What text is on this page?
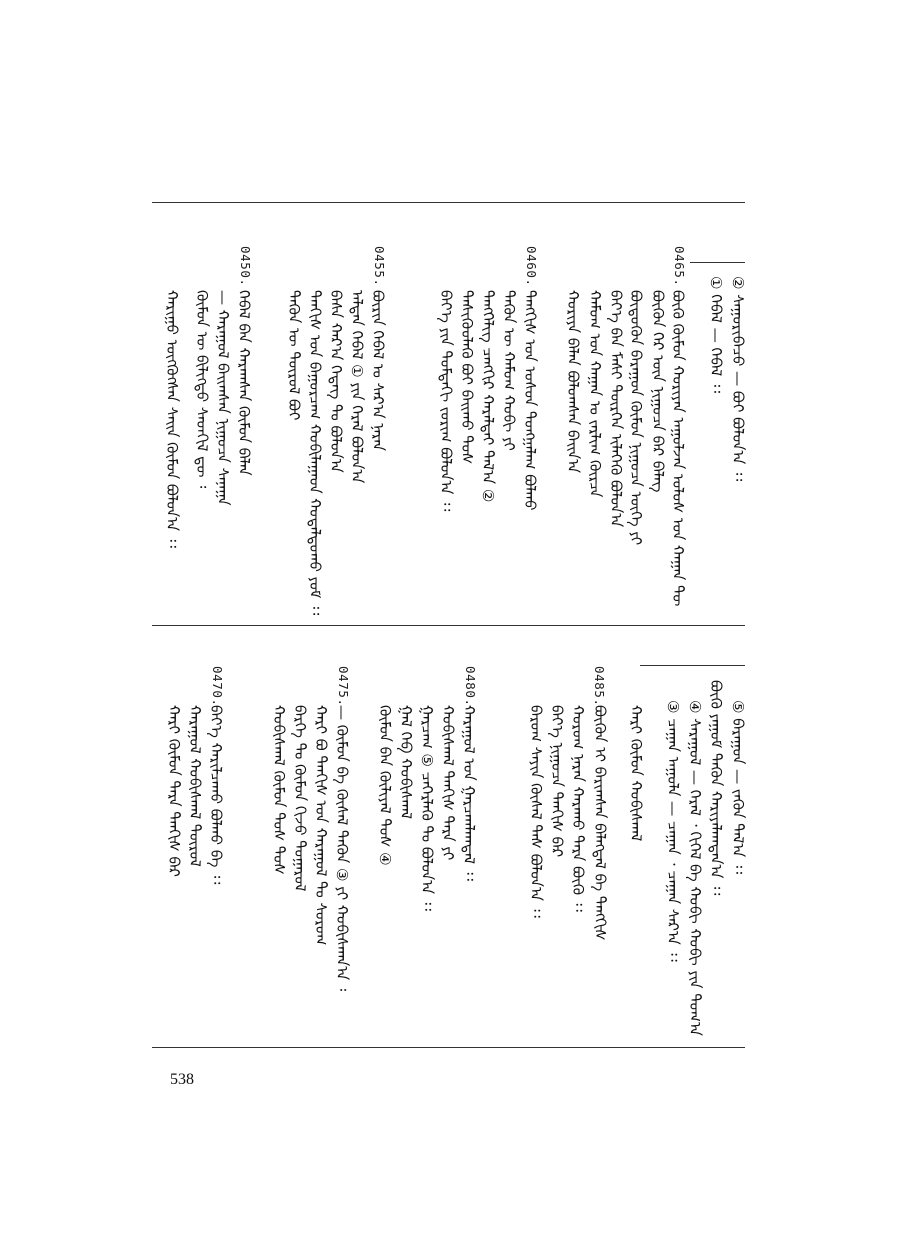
② ᠰᠠᠭᠤᠷᠢᠪᠠᠴᠤ — ᠪᠤᠢ ᠪᠤᠯᠤᠨ᠎ᠠ ᠄᠄
① ᠬᠡᠪᠡᠯ — ᠬᠡᠪᠡᠯ ᠄᠄
0465.
ᠪᠦᠬᠦ ᠬᠦᠮᠦᠨ ᠬᠤᠷᠢᠶᠠᠨ ᠠᠭᠤᠯᠵᠠᠨ ᠤᠯᠤᠰ ᠤᠨ ᠬᠠᠭᠠᠨ ᠲᠦ
ᠪᠦᠬᠦᠨ ᠭᠡᠷ ᠦᠨ ᠨᠢᠭᠤᠴᠠ ᠪᠠᠷ ᠪᠡᠯᠡᠭ
ᠪᠦᠳᠦᠭᠦᠨ ᠪᠠᠷᠠᠭᠤᠨ ᠬᠦᠮᠦᠨ ᠨᠢᠭᠤᠴᠠ ᠦᠭᠡ ᠶᠢ
ᠪᠡᠶ᠎ᠡ ᠪᠡᠨ ᠮᠠᠰᠢ ᠲᠦᠷᠭᠡᠨ ᠢᠯᠡᠬᠡᠬᠦ ᠪᠤᠯᠤᠨ᠎ᠠ
ᠬᠠᠮᠤᠭ ᠤᠨ ᠬᠠᠭᠠᠨ ᠤ ᠵᠠᠷᠯᠢᠭ ᠬᠦᠷᠴᠡ
ᠬᠤᠷᠢᠶᠠ ᠪᠡᠯᠡᠨ ᠪᠤᠯᠤᠭᠰᠠᠨ ᠪᠠᠢᠨ᠎ᠠ
0460.
ᠲᠡᠩᠭᠢᠰ ᠤᠨ ᠤᠰᠤᠨ ᠲᠤᠩᠭᠠᠯᠠᠭ ᠪᠤᠯᠬᠤ
ᠲᠡᠭᠦᠨ ᠦ ᠬᠠᠮᠤᠭ ᠬᠤᠪᠢ ᠶᠢ
ᠲᠡᠩᠭᠡᠯᠢᠭ ᠴᠡᠩᠬᠢᠷ ᠬᠠᠷᠠᠯᠲᠠᠢ ᠲᠠᠯ᠎ᠠ ②
ᠲᠡᠰᠢᠭᠦᠦᠯᠡᠬᠦ ᠪᠤᠢ ᠪᠠᠢᠬᠤ ᠲᠤᠰ
ᠪᠡᠶ᠎ᠡ ᠶᠢᠨ ᠳᠤᠮᠳᠠᠬᠢ ᠵᠤᠷᠢᠭ ᠪᠤᠯᠤᠨ᠎ᠠ ᠄᠄
0455.
ᠪᠦᠷᠢᠨ ᠬᠡᠪᠡᠯ ᠤ ᠰᠠᠷ᠎ᠠ ᠨᠠᠷᠠᠨ
ᠠᠯᠲᠠᠨ ᠬᠡᠪᠡᠯ ① ᠶᠢᠨ ᠭᠡᠷᠡᠯ ᠪᠤᠯᠤᠨ᠎ᠠ
ᠪᠠᠰᠠ ᠬᠠᠷ᠎ᠠ ᠭᠡᠳᠡᠭ ᠲᠤ ᠪᠤᠯᠤᠨ᠎ᠠ
ᠲᠡᠨᠭᠢᠰ ᠤᠨ ᠪᠠᠭᠤᠷᠴᠠᠭ ᠬᠤᠪᠢᠯᠠᠭᠠᠳ ᠬᠤᠳᠠᠯᠳᠤᠬᠤ ᠶᠤᠮ ᠄᠄
ᠲᠡᠭᠦᠨ ᠦ ᠲᠦᠷᠦᠯ ᠪᠤᠢ
0450.
ᠬᠡᠪᠡᠯ ᠪᠡᠨ ᠬᠠᠷᠠᠭᠰᠠᠨ ᠬᠦᠮᠦᠨ ᠪᠡᠯᠡᠨ
— ᠬᠠᠷᠠᠭᠤᠯ ᠪᠠᠢᠭᠰᠠᠨ ᠨᠢᠭᠤᠴᠠ ᠰᠠᠨᠠᠭᠠ
ᠬᠦᠮᠦᠨ ᠦ ᠪᠢᠯᠢᠭᠲᠦ ᠰᠡᠳᠬᠢᠯ ᠳᠦ ᠄
ᠬᠠᠷᠢᠭᠤ ᠦᠭᠭᠦᠭᠰᠡᠨ ᠰᠠᠢᠨ ᠬᠦᠮᠦᠨ ᠪᠤᠯᠤᠨ᠎ᠠ ᠄᠄
⑤ ᠪᠠᠷᠠᠭᠤᠨ — ᠵᠡᠭᠦᠨ ᠲᠠᠯ᠎ᠠ ᠄᠄
ᠪᠦᠬᠦ ᠶᠠᠭᠤᠮ ᠲᠡᠭᠦᠨ ᠬᠠᠷᠢᠶᠠᠯᠠᠭᠳᠠᠨ᠎ᠠ ᠄᠄
④ ᠰᠠᠷᠠᠭᠤᠯ — ᠭᠡᠷᠡᠯ ᠂ ᠭᠢᠭᠡᠯ ᠪᠠ ᠬᠤᠪᠢ ᠬᠤᠪᠢ ᠶᠢᠨ ᠲᠣᠭ᠎ᠠ
③ ᠴᠠᠭᠠᠨ ᠠᠭᠤᠯᠠ — ᠴᠠᠭᠠᠨ ᠂ ᠴᠠᠭᠠᠨ ᠰᠠᠷ᠎ᠠ ᠄᠄
0485.
ᠬᠠᠷᠢ ᠬᠦᠮᠦᠨ ᠬᠤᠪᠢᠰᠬᠠᠯ
ᠪᠦᠬᠦᠨ ᠢ ᠪᠠᠷᠢᠭᠰᠠᠨ ᠪᠡᠯᠡᠭᠳᠡᠯ ᠪᠠ ᠲᠡᠩᠭᠢᠰ
ᠬᠤᠷᠤᠭ ᠨᠠᠷᠠᠨ ᠬᠠᠷᠠᠬᠤ ᠲᠡᠷᠡ ᠪᠦᠬᠦ ᠄᠄
ᠪᠡᠶ᠎ᠡ ᠨᠢᠭᠤᠴᠠ ᠲᠡᠨᠭᠢᠰ ᠪᠡᠷ
ᠪᠠᠷᠤᠭ ᠰᠠᠶᠢᠨ ᠬᠦᠰᠡᠯ ᠲᠡᠰ ᠪᠤᠯᠤᠨ᠎ᠠ ᠄᠄
0480.
ᠬᠠᠷᠠᠭᠤᠯ ᠤᠨ ᠭᠠᠷᠴᠠᠭᠯᠠᠭᠳᠠᠯ ᠄᠄
ᠬᠤᠪᠢᠰᠬᠠᠯ ᠲᠡᠨᠭᠢᠰ ᠲᠡᠷᠡ ᠶᠢ
ᠭᠠᠷᠴᠠᠭ ⑤ ᠴᠡᠭᠡᠷᠯᠡᠬᠦ ᠲᠤ ᠪᠤᠯᠤᠨ᠎ᠠ ᠄᠄
ᠭᠠᠯ ᠬᠡᠪ ᠬᠤᠪᠢᠰᠬᠠᠯ
ᠬᠦᠮᠦᠨ ᠪᠡᠨ ᠬᠦᠯᠢᠶᠡᠯ ᠲᠤᠰ ④
0475.
— ᠬᠦᠮᠦᠨ ᠪᠡ ᠬᠦᠰᠡᠯ ᠲᠡᠭᠦᠨ ③ ᠶᠢ ᠬᠤᠪᠢᠰᠬᠠᠨ᠎ᠠ ᠄
ᠬᠠᠷᠢ ᠪᠤ ᠲᠡᠨᠭᠢᠰ ᠤᠨ ᠬᠠᠷᠠᠭᠤᠯ ᠲᠤ ᠰᠤᠷᠤᠭ
ᠪᠡᠷᠬᠡ ᠲᠤ ᠬᠦᠮᠦᠨ ᠬᠢᠵᠦ ᠳᠤᠭᠠᠷᠤᠯ
ᠬᠤᠪᠢᠰᠬᠠᠯ ᠬᠦᠮᠦᠨ ᠲᠤᠰ ᠲᠤᠰ
0470.
ᠪᠡᠶ᠎ᠡ ᠬᠠᠷᠢᠯᠴᠠᠬᠤ ᠪᠤᠯᠬᠤ ᠪᠠ ᠄᠄
ᠬᠠᠷᠠᠭᠤᠯ ᠬᠤᠪᠢᠰᠬᠠᠯ ᠲᠦᠷᠦᠯ
ᠬᠠᠷᠢ ᠬᠦᠮᠦᠨ ᠲᠡᠷᠡ ᠲᠡᠨᠭᠢᠰ ᠪᠡᠷ
538
